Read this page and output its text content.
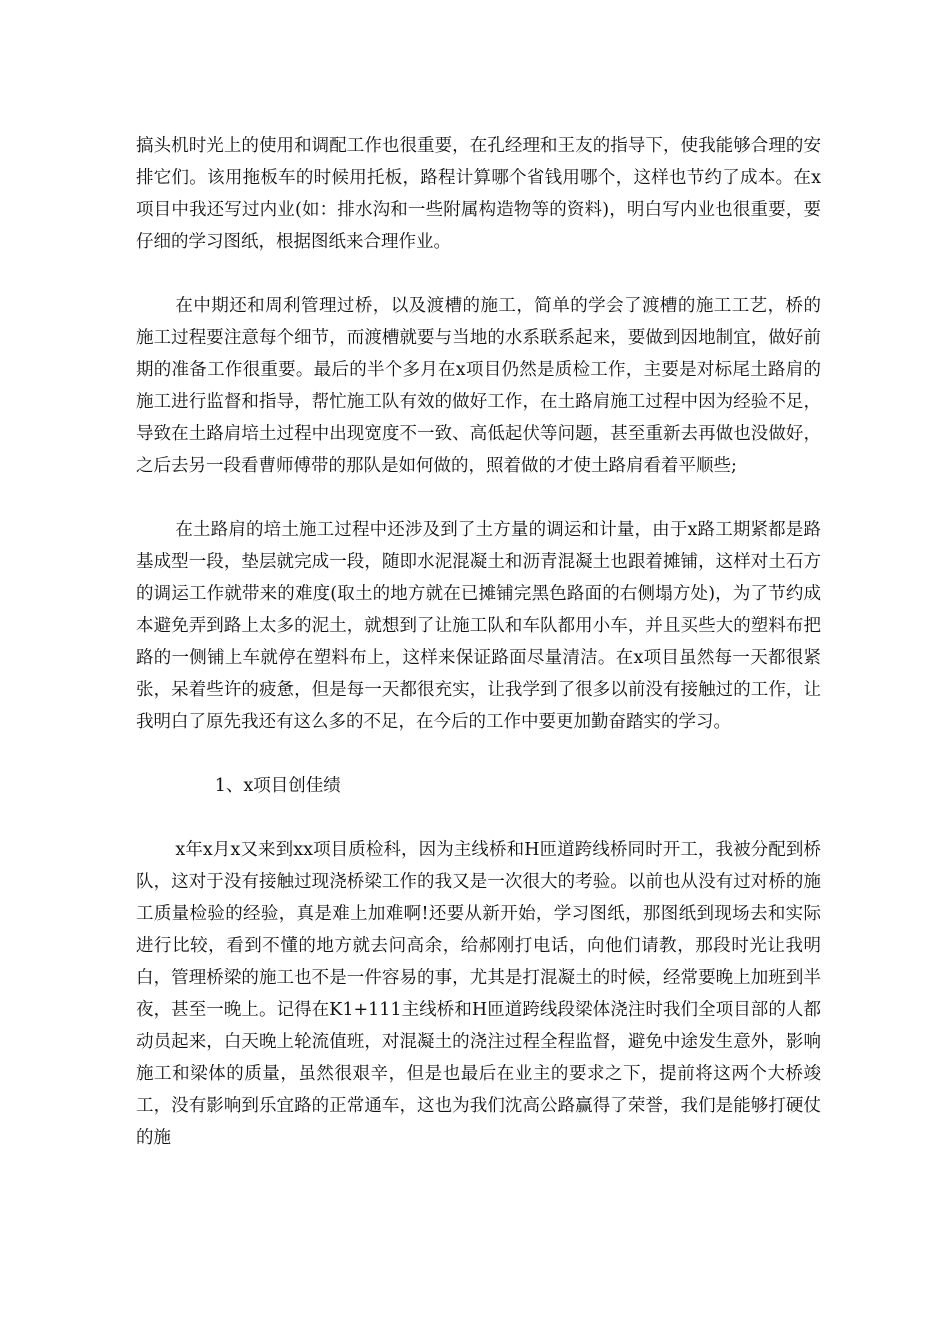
搞头机时光上的使用和调配工作也很重要，在孔经理和王友的指导下，使我能够合理的安排它们。该用拖板车的时候用托板，路程计算哪个省钱用哪个，这样也节约了成本。在x项目中我还写过内业(如：排水沟和一些附属构造物等的资料)，明白写内业也很重要，要仔细的学习图纸，根据图纸来合理作业。

在中期还和周利管理过桥，以及渡槽的施工，简单的学会了渡槽的施工工艺，桥的施工过程要注意每个细节，而渡槽就要与当地的水系联系起来，要做到因地制宜，做好前期的准备工作很重要。最后的半个多月在x项目仍然是质检工作，主要是对标尾土路肩的施工进行监督和指导，帮忙施工队有效的做好工作，在土路肩施工过程中因为经验不足，导致在土路肩培土过程中出现宽度不一致、高低起伏等问题，甚至重新去再做也没做好，之后去另一段看曹师傅带的那队是如何做的，照着做的才使土路肩看着平顺些;

在土路肩的培土施工过程中还涉及到了土方量的调运和计量，由于x路工期紧都是路基成型一段，垫层就完成一段，随即水泥混凝土和沥青混凝土也跟着摊铺，这样对土石方的调运工作就带来的难度(取土的地方就在已摊铺完黑色路面的右侧塌方处)，为了节约成本避免弄到路上太多的泥土，就想到了让施工队和车队都用小车，并且买些大的塑料布把路的一侧铺上车就停在塑料布上，这样来保证路面尽量清洁。在x项目虽然每一天都很紧张，呆着些许的疲惫，但是每一天都很充实，让我学到了很多以前没有接触过的工作，让我明白了原先我还有这么多的不足，在今后的工作中要更加勤奋踏实的学习。

1、x项目创佳绩

x年x月x又来到xx项目质检科，因为主线桥和H匝道跨线桥同时开工，我被分配到桥队，这对于没有接触过现浇桥梁工作的我又是一次很大的考验。以前也从没有过对桥的施工质量检验的经验，真是难上加难啊!还要从新开始，学习图纸，那图纸到现场去和实际进行比较，看到不懂的地方就去问高余，给郝刚打电话，向他们请教，那段时光让我明白，管理桥梁的施工也不是一件容易的事，尤其是打混凝土的时候，经常要晚上加班到半夜，甚至一晚上。记得在K1+111主线桥和H匝道跨线段梁体浇注时我们全项目部的人都动员起来，白天晚上轮流值班，对混凝土的浇注过程全程监督，避免中途发生意外，影响施工和梁体的质量，虽然很艰辛，但是也最后在业主的要求之下，提前将这两个大桥竣工，没有影响到乐宜路的正常通车，这也为我们沈高公路赢得了荣誉，我们是能够打硬仗的施
